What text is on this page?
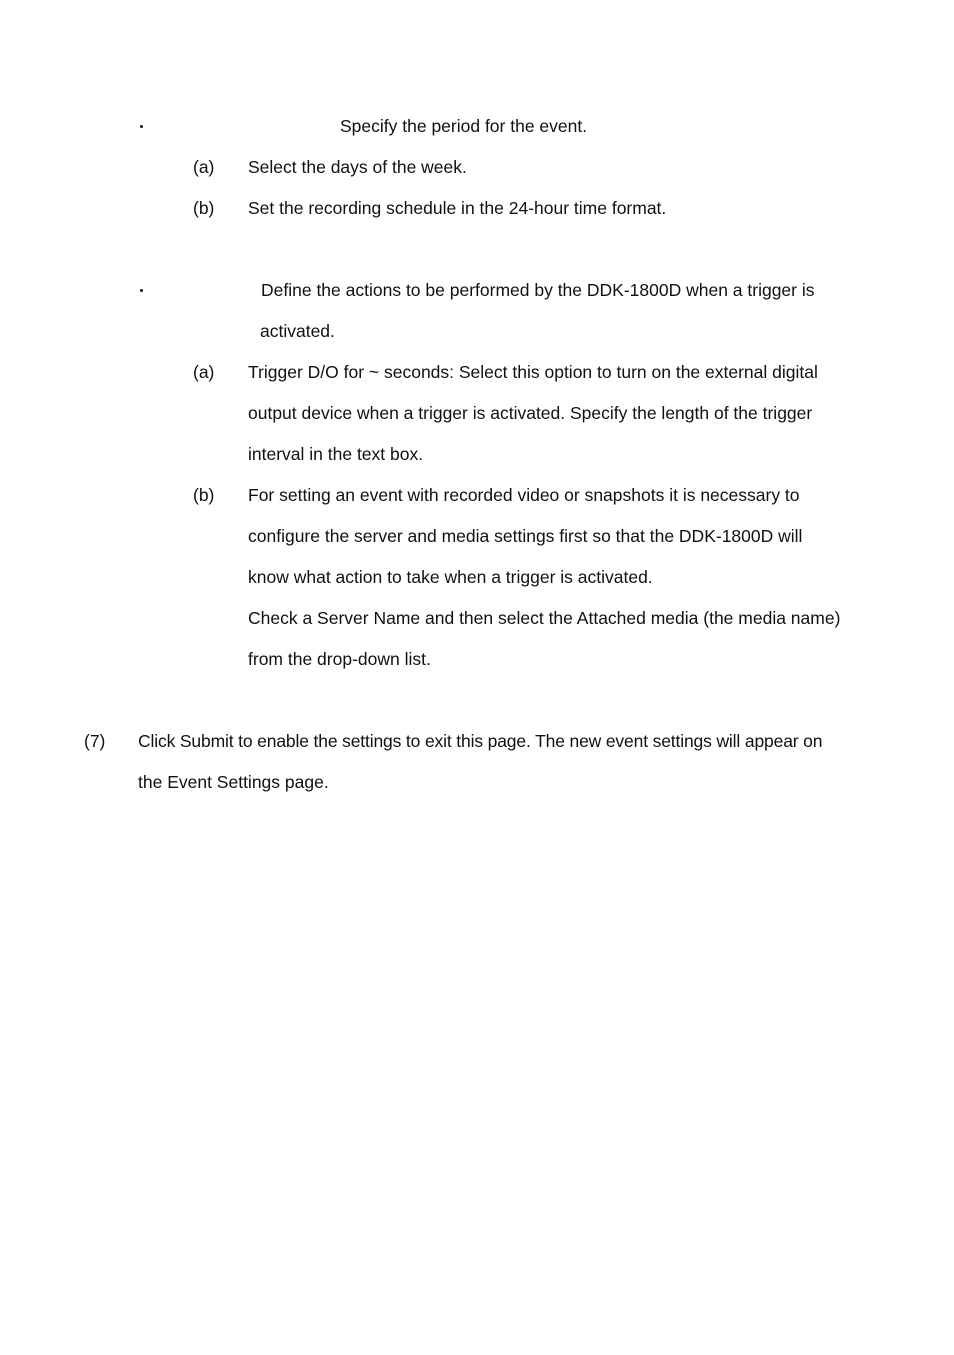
Specify the period for the event.
(a) Select the days of the week.
(b) Set the recording schedule in the 24-hour time format.
Define the actions to be performed by the DDK-1800D when a trigger is
activated.
(a) Trigger D/O for ~ seconds: Select this option to turn on the external digital
output device when a trigger is activated. Specify the length of the trigger
interval in the text box.
(b) For setting an event with recorded video or snapshots it is necessary to
configure the server and media settings first so that the DDK-1800D will
know what action to take when a trigger is activated.
Check a Server Name and then select the Attached media (the media name)
from the drop-down list.
(7) Click Submit to enable the settings to exit this page. The new event settings will appear on
the Event Settings page.
